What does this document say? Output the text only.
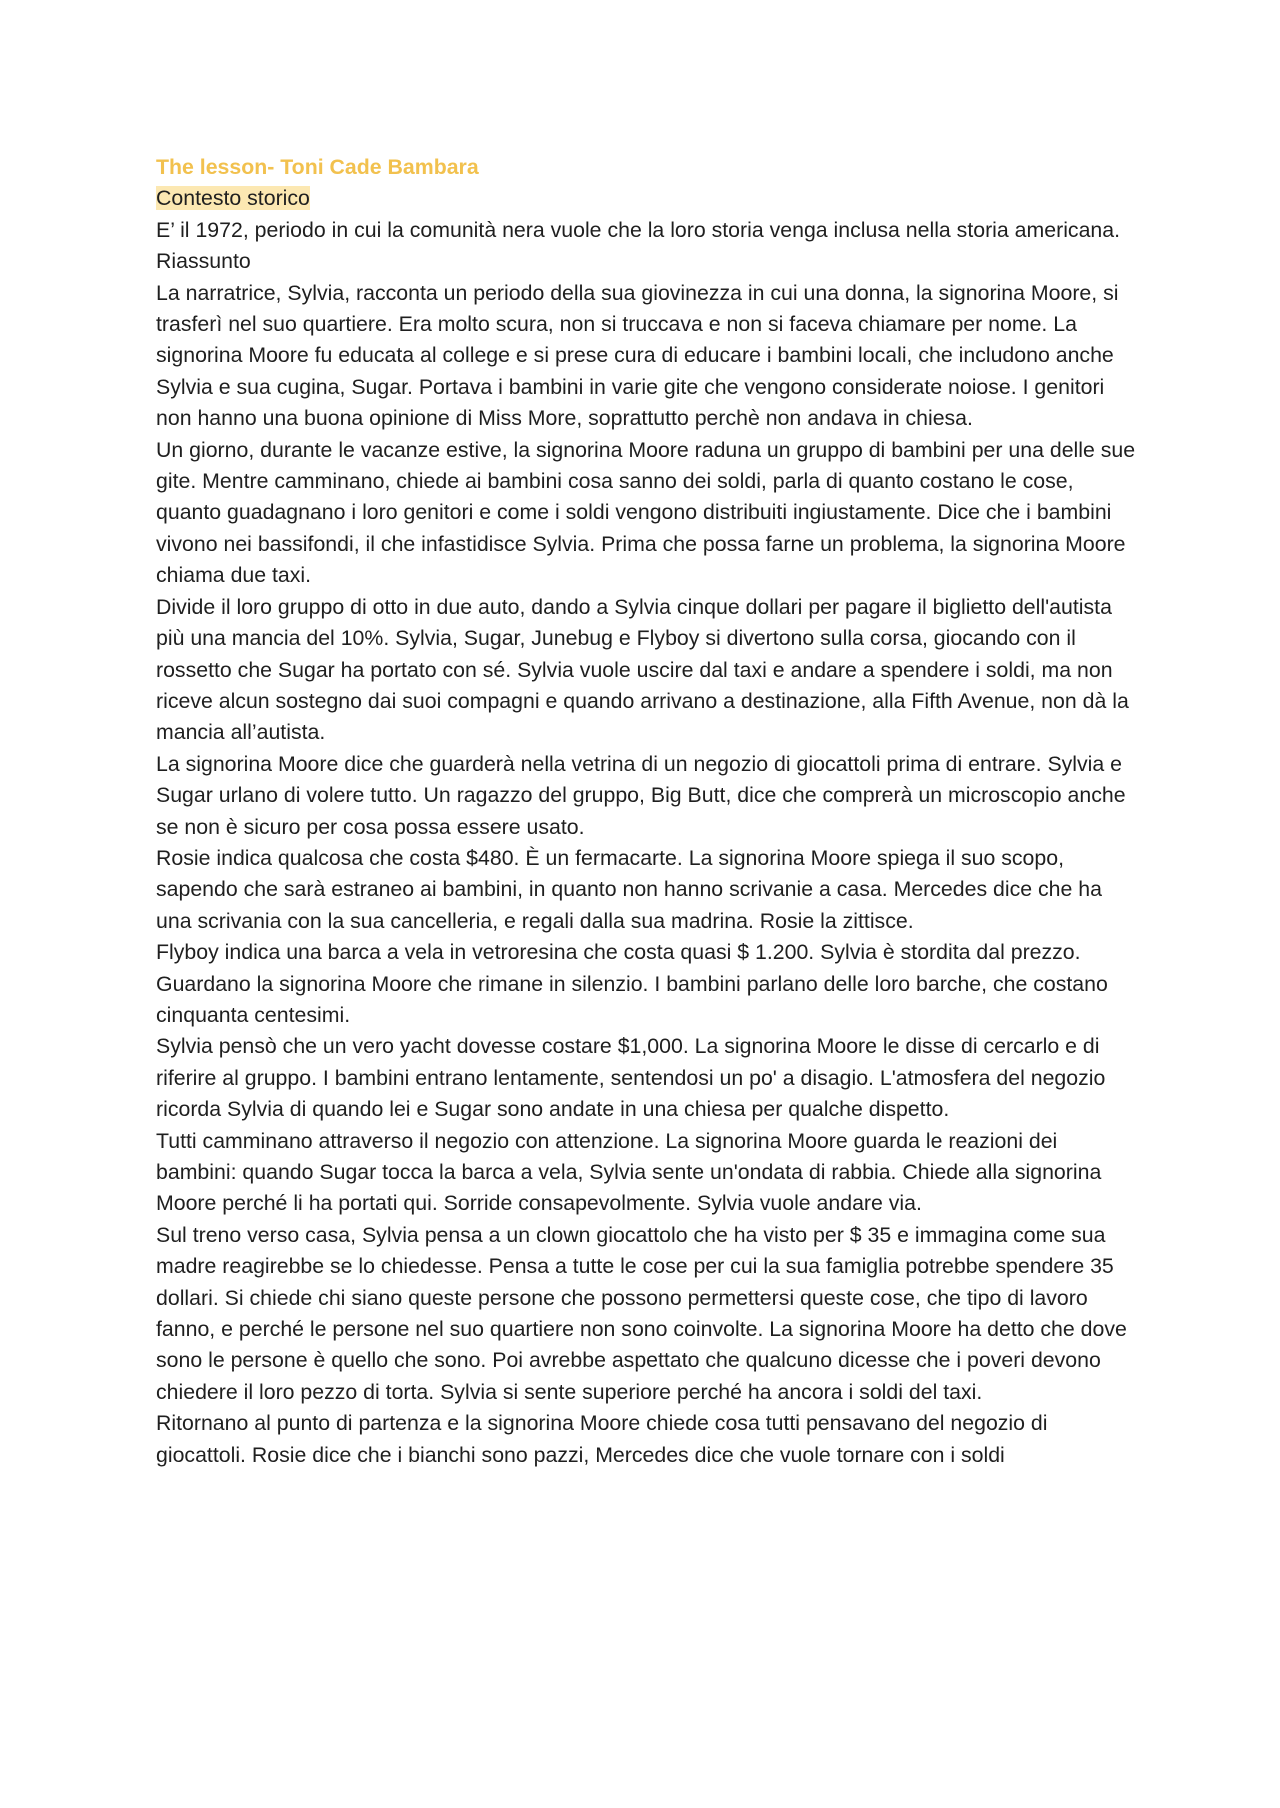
The lesson- Toni Cade Bambara

Contesto storico

E’ il 1972, periodo in cui la comunità nera vuole che la loro storia venga inclusa nella storia americana.

Riassunto

La narratrice, Sylvia, racconta un periodo della sua giovinezza in cui una donna, la signorina Moore, si trasferì nel suo quartiere. Era molto scura, non si truccava e non si faceva chiamare per nome. La signorina Moore fu educata al college e si prese cura di educare i bambini locali, che includono anche Sylvia e sua cugina, Sugar. Portava i bambini in varie gite che vengono considerate noiose. I genitori non hanno una buona opinione di Miss More, soprattutto perchè non andava in chiesa.

Un giorno, durante le vacanze estive, la signorina Moore raduna un gruppo di bambini per una delle sue gite. Mentre camminano, chiede ai bambini cosa sanno dei soldi, parla di quanto costano le cose, quanto guadagnano i loro genitori e come i soldi vengono distribuiti ingiustamente. Dice che i bambini vivono nei bassifondi, il che infastidisce Sylvia. Prima che possa farne un problema, la signorina Moore chiama due taxi.

Divide il loro gruppo di otto in due auto, dando a Sylvia cinque dollari per pagare il biglietto dell'autista più una mancia del 10%. Sylvia, Sugar, Junebug e Flyboy si divertono sulla corsa, giocando con il rossetto che Sugar ha portato con sé. Sylvia vuole uscire dal taxi e andare a spendere i soldi, ma non riceve alcun sostegno dai suoi compagni e quando arrivano a destinazione, alla Fifth Avenue, non dà la mancia all’autista.

La signorina Moore dice che guarderà nella vetrina di un negozio di giocattoli prima di entrare. Sylvia e Sugar urlano di volere tutto. Un ragazzo del gruppo, Big Butt, dice che comprerà un microscopio anche se non è sicuro per cosa possa essere usato.

Rosie indica qualcosa che costa $480. È un fermacarte. La signorina Moore spiega il suo scopo, sapendo che sarà estraneo ai bambini, in quanto non hanno scrivanie a casa. Mercedes dice che ha una scrivania con la sua cancelleria, e regali dalla sua madrina. Rosie la zittisce.

Flyboy indica una barca a vela in vetroresina che costa quasi $ 1.200. Sylvia è stordita dal prezzo. Guardano la signorina Moore che rimane in silenzio. I bambini parlano delle loro barche, che costano cinquanta centesimi.

Sylvia pensò che un vero yacht dovesse costare $1,000. La signorina Moore le disse di cercarlo e di riferire al gruppo. I bambini entrano lentamente, sentendosi un po' a disagio. L'atmosfera del negozio ricorda Sylvia di quando lei e Sugar sono andate in una chiesa per qualche dispetto.

Tutti camminano attraverso il negozio con attenzione. La signorina Moore guarda le reazioni dei bambini: quando Sugar tocca la barca a vela, Sylvia sente un'ondata di rabbia. Chiede alla signorina Moore perché li ha portati qui. Sorride consapevolmente. Sylvia vuole andare via.

Sul treno verso casa, Sylvia pensa a un clown giocattolo che ha visto per $ 35 e immagina come sua madre reagirebbe se lo chiedesse. Pensa a tutte le cose per cui la sua famiglia potrebbe spendere 35 dollari. Si chiede chi siano queste persone che possono permettersi queste cose, che tipo di lavoro fanno, e perché le persone nel suo quartiere non sono coinvolte. La signorina Moore ha detto che dove sono le persone è quello che sono. Poi avrebbe aspettato che qualcuno dicesse che i poveri devono chiedere il loro pezzo di torta. Sylvia si sente superiore perché ha ancora i soldi del taxi.

Ritornano al punto di partenza e la signorina Moore chiede cosa tutti pensavano del negozio di giocattoli. Rosie dice che i bianchi sono pazzi, Mercedes dice che vuole tornare con i soldi
